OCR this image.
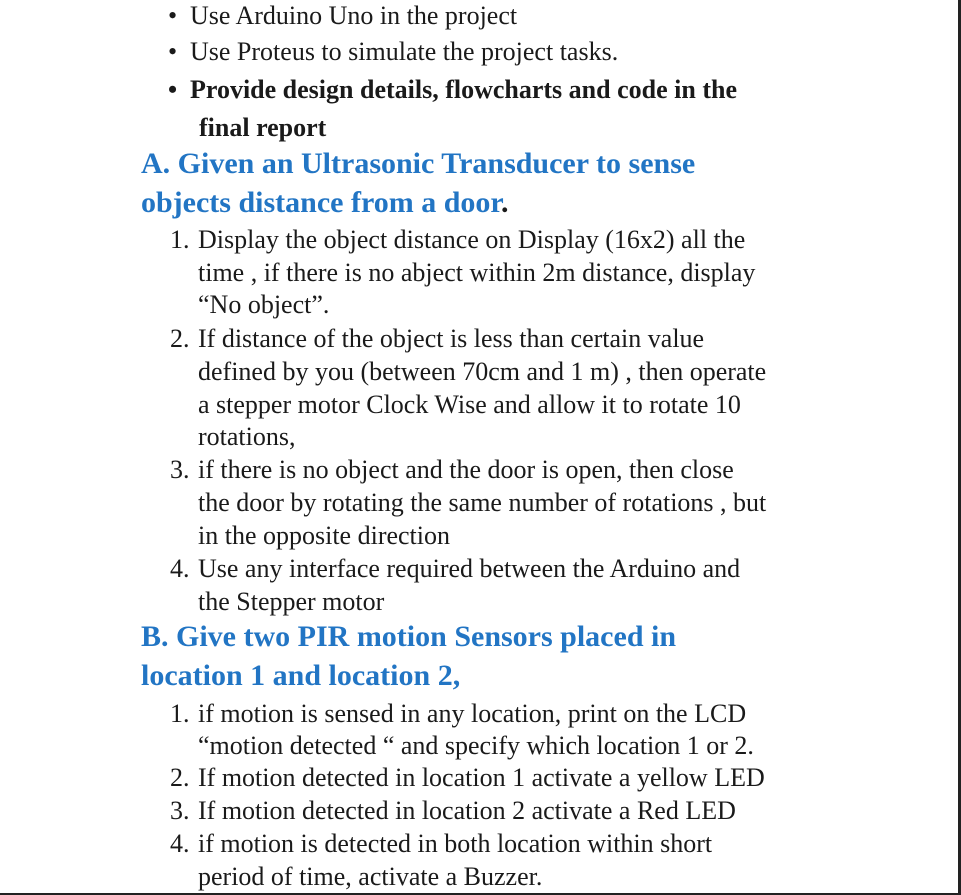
• Use Arduino Uno in the project
• Use Proteus to simulate the project tasks.
• Provide design details, flowcharts and code in the
final report
A. Given an Ultrasonic Transducer to sense
objects distance from a door.
1. Display the object distance on Display (16x2) all the
time , if there is no abject within 2m distance, display
“No object”.
2. If distance of the object is less than certain value
defined by you (between 70cm and 1 m) , then operate
a stepper motor Clock Wise and allow it to rotate 10
rotations,
3. if there is no object and the door is open, then close
the door by rotating the same number of rotations , but
in the opposite direction
4. Use any interface required between the Arduino and
the Stepper motor
B. Give two PIR motion Sensors placed in
location 1 and location 2,
1. if motion is sensed in any location, print on the LCD
“motion detected “ and specify which location 1 or 2.
2. If motion detected in location 1 activate a yellow LED
3. If motion detected in location 2 activate a Red LED
4. if motion is detected in both location within short
period of time, activate a Buzzer.
